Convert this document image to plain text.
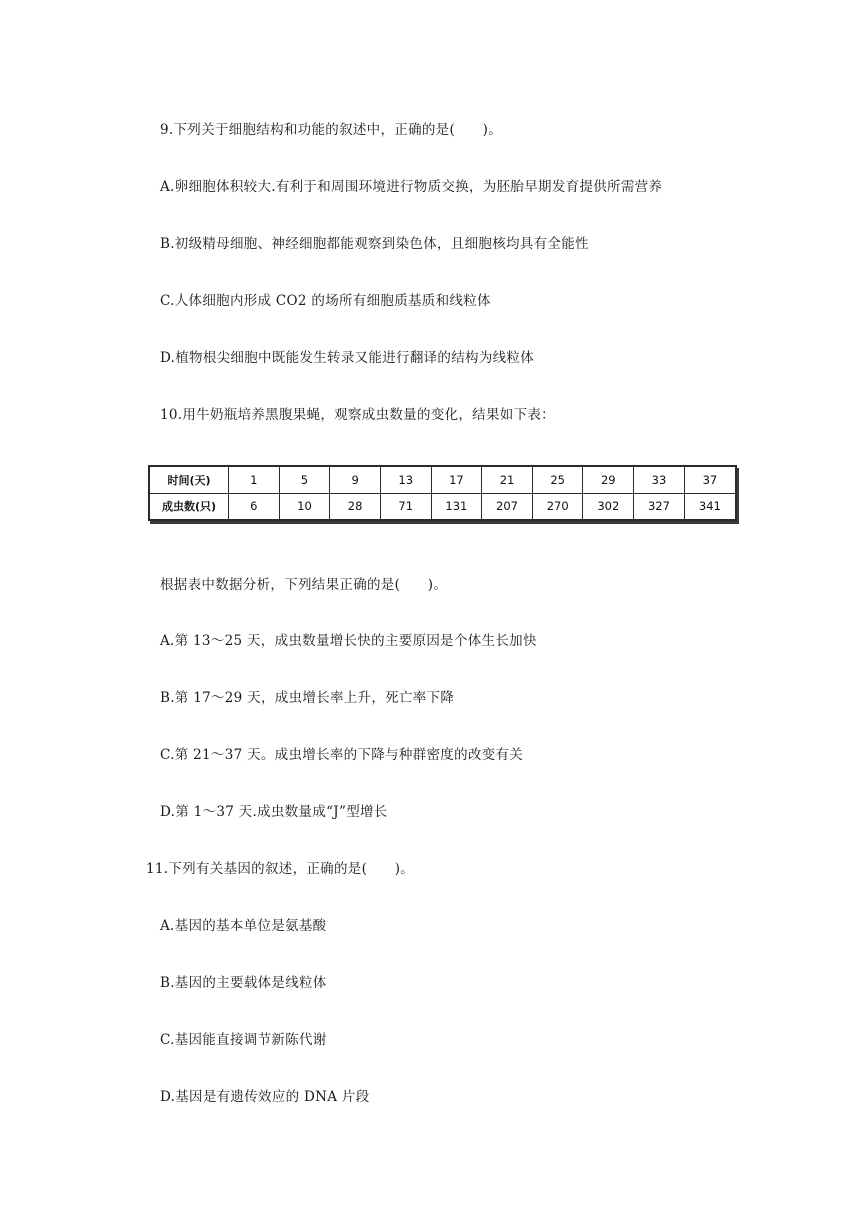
9.下列关于细胞结构和功能的叙述中，正确的是(　　)。
A.卵细胞体积较大.有利于和周围环境进行物质交换，为胚胎早期发育提供所需营养
B.初级精母细胞、神经细胞都能观察到染色体，且细胞核均具有全能性
C.人体细胞内形成 CO2 的场所有细胞质基质和线粒体
D.植物根尖细胞中既能发生转录又能进行翻译的结构为线粒体
10.用牛奶瓶培养黑腹果蝇，观察成虫数量的变化，结果如下表：
时间(天)	1	5	9	13	17	21	25	29	33	37
成虫数(只)	6	10	28	71	131	207	270	302	327	341
根据表中数据分析，下列结果正确的是(　　)。
A.第 13～25 天，成虫数量增长快的主要原因是个体生长加快
B.第 17～29 天，成虫增长率上升，死亡率下降
C.第 21～37 天。成虫增长率的下降与种群密度的改变有关
D.第 1～37 天.成虫数量成“J”型增长
11.下列有关基因的叙述，正确的是(　　)。
A.基因的基本单位是氨基酸
B.基因的主要载体是线粒体
C.基因能直接调节新陈代谢
D.基因是有遗传效应的 DNA 片段
